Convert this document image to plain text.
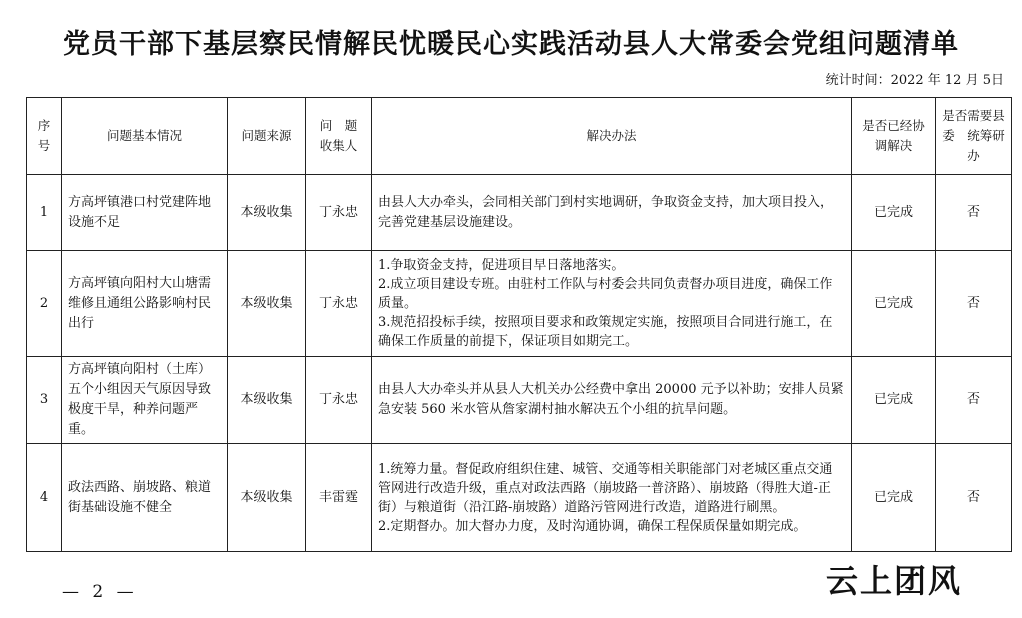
党员干部下基层察民情解民忧暖民心实践活动县人大常委会党组问题清单
统计时间：2022 年 12 月 5日
序号	问题基本情况	问题来源	问　题　收集人	解决办法	是否已经协调解决	是否需要县　委　统筹研办
1	方高坪镇港口村党建阵地设施不足	本级收集	丁永忠	由县人大办牵头，会同相关部门到村实地调研，争取资金支持，加大项目投入，完善党建基层设施建设。	已完成	否
2	方高坪镇向阳村大山塘需维修且通组公路影响村民出行	本级收集	丁永忠	1.争取资金支持，促进项目早日落地落实。
2.成立项目建设专班。由驻村工作队与村委会共同负责督办项目进度，确保工作质量。
3.规范招投标手续，按照项目要求和政策规定实施，按照项目合同进行施工，在确保工作质量的前提下，保证项目如期完工。	已完成	否
3	方高坪镇向阳村（土库）五个小组因天气原因导致极度干旱，种养问题严重。	本级收集	丁永忠	由县人大办牵头并从县人大机关办公经费中拿出 20000 元予以补助；安排人员紧急安装 560 米水管从詹家湖村抽水解决五个小组的抗旱问题。	已完成	否
4	政法西路、崩坡路、粮道街基础设施不健全	本级收集	丰雷霆	1.统筹力量。督促政府组织住建、城管、交通等相关职能部门对老城区重点交通管网进行改造升级，重点对政法西路（崩坡路一普济路）、崩坡路（得胜大道-正街）与粮道街（沿江路-崩坡路）道路污管网进行改造，道路进行刷黑。
2.定期督办。加大督办力度，及时沟通协调，确保工程保质保量如期完成。	已完成	否
— 2 —	云上团风
